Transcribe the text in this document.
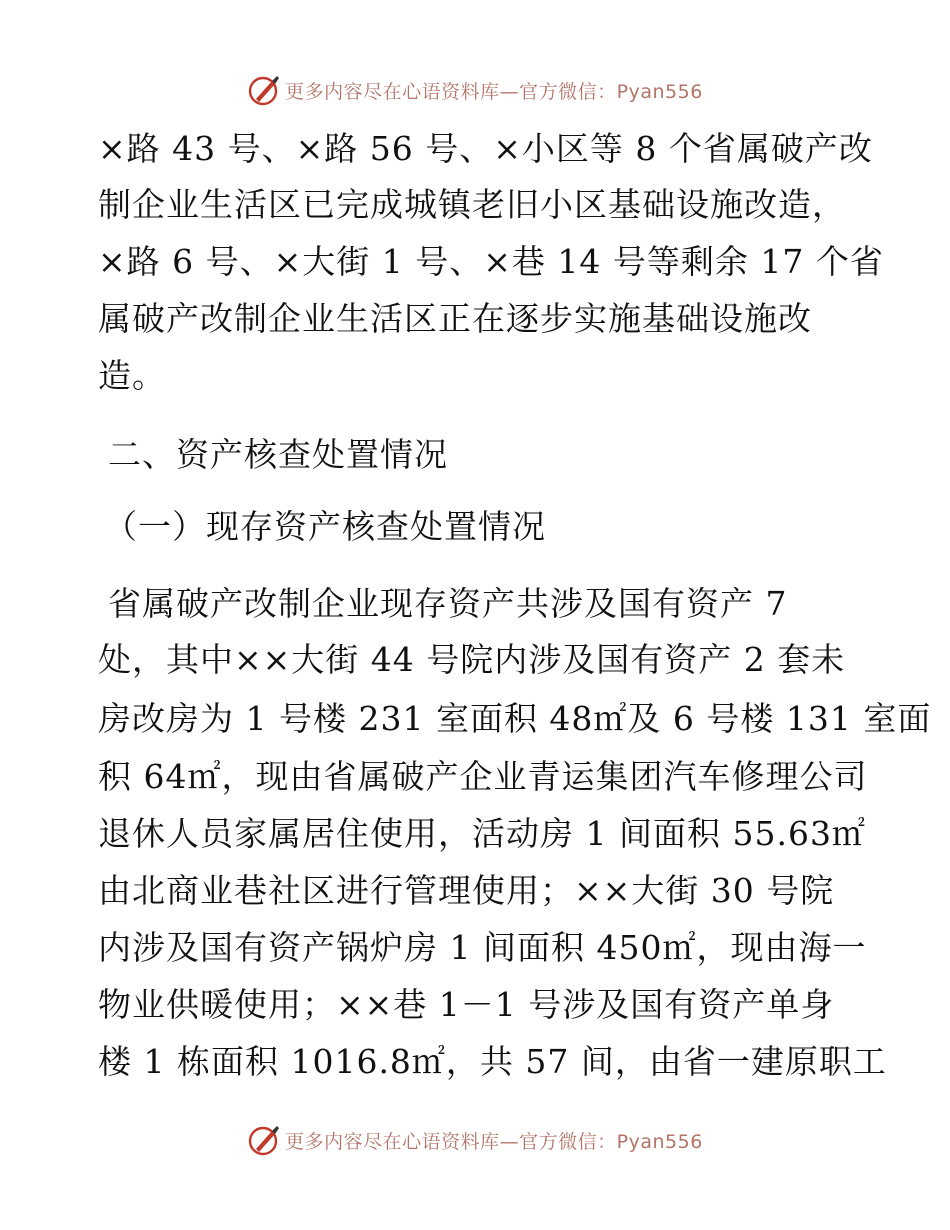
更多内容尽在心语资料库—官方微信：Pyan556
×路 43 号、×路 56 号、×小区等 8 个省属破产改
制企业生活区已完成城镇老旧小区基础设施改造，
×路 6 号、×大街 1 号、×巷 14 号等剩余 17 个省
属破产改制企业生活区正在逐步实施基础设施改
造。
二、资产核查处置情况
（一）现存资产核查处置情况
省属破产改制企业现存资产共涉及国有资产 7
处，其中××大街 44 号院内涉及国有资产 2 套未
房改房为 1 号楼 231 室面积 48㎡及 6 号楼 131 室面
积 64㎡，现由省属破产企业青运集团汽车修理公司
退休人员家属居住使用，活动房 1 间面积 55.63㎡
由北商业巷社区进行管理使用；××大街 30 号院
内涉及国有资产锅炉房 1 间面积 450㎡，现由海一
物业供暖使用；××巷 1－1 号涉及国有资产单身
楼 1 栋面积 1016.8㎡，共 57 间，由省一建原职工
更多内容尽在心语资料库—官方微信：Pyan556
